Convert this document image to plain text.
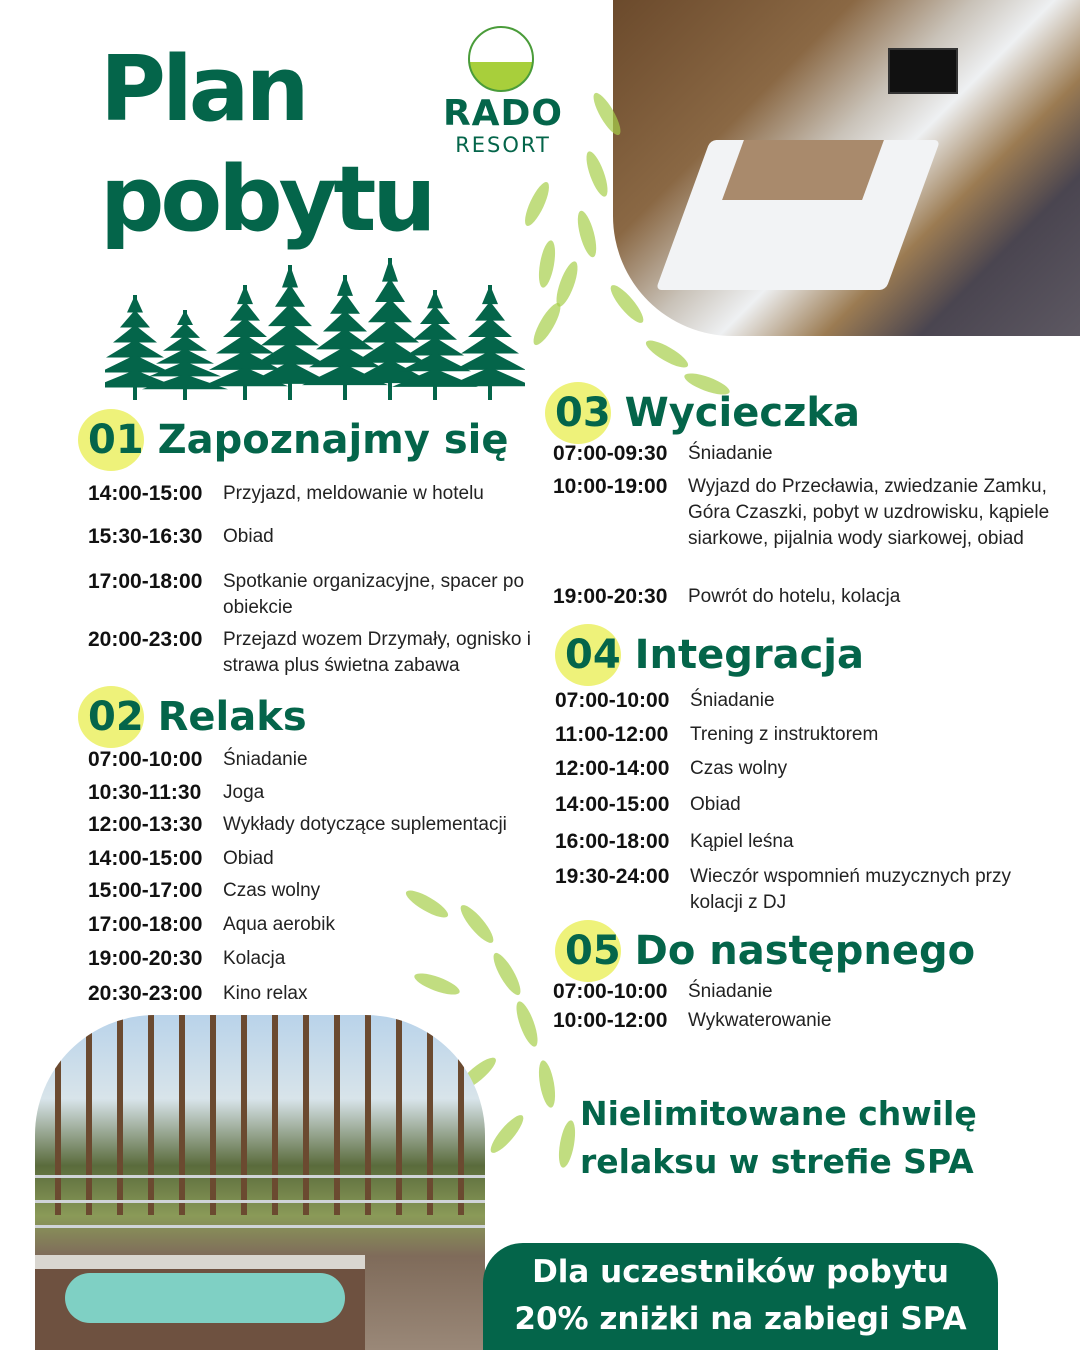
Plan
pobytu
RADO
RESORT
01 Zapoznajmy się
14:00-15:00	Przyjazd, meldowanie w hotelu
15:30-16:30	Obiad
17:00-18:00	Spotkanie organizacyjne, spacer po obiekcie
20:00-23:00	Przejazd wozem Drzymały, ognisko i strawa plus świetna zabawa
02 Relaks
07:00-10:00	Śniadanie
10:30-11:30	Joga
12:00-13:30	Wykłady dotyczące suplementacji
14:00-15:00	Obiad
15:00-17:00	Czas wolny
17:00-18:00	Aqua aerobik
19:00-20:30	Kolacja
20:30-23:00	Kino relax
03 Wycieczka
07:00-09:30	Śniadanie
10:00-19:00	Wyjazd do Przecławia, zwiedzanie Zamku, Góra Czaszki, pobyt w uzdrowisku, kąpiele siarkowe, pijalnia wody siarkowej, obiad
19:00-20:30	Powrót do hotelu, kolacja
04 Integracja
07:00-10:00	Śniadanie
11:00-12:00	Trening z instruktorem
12:00-14:00	Czas wolny
14:00-15:00	Obiad
16:00-18:00	Kąpiel leśna
19:30-24:00	Wieczór wspomnień muzycznych przy kolacji z DJ
05 Do następnego
07:00-10:00	Śniadanie
10:00-12:00	Wykwaterowanie
Nielimitowane chwilę
relaksu w strefie SPA
Dla uczestników pobytu
20% zniżki na zabiegi SPA
